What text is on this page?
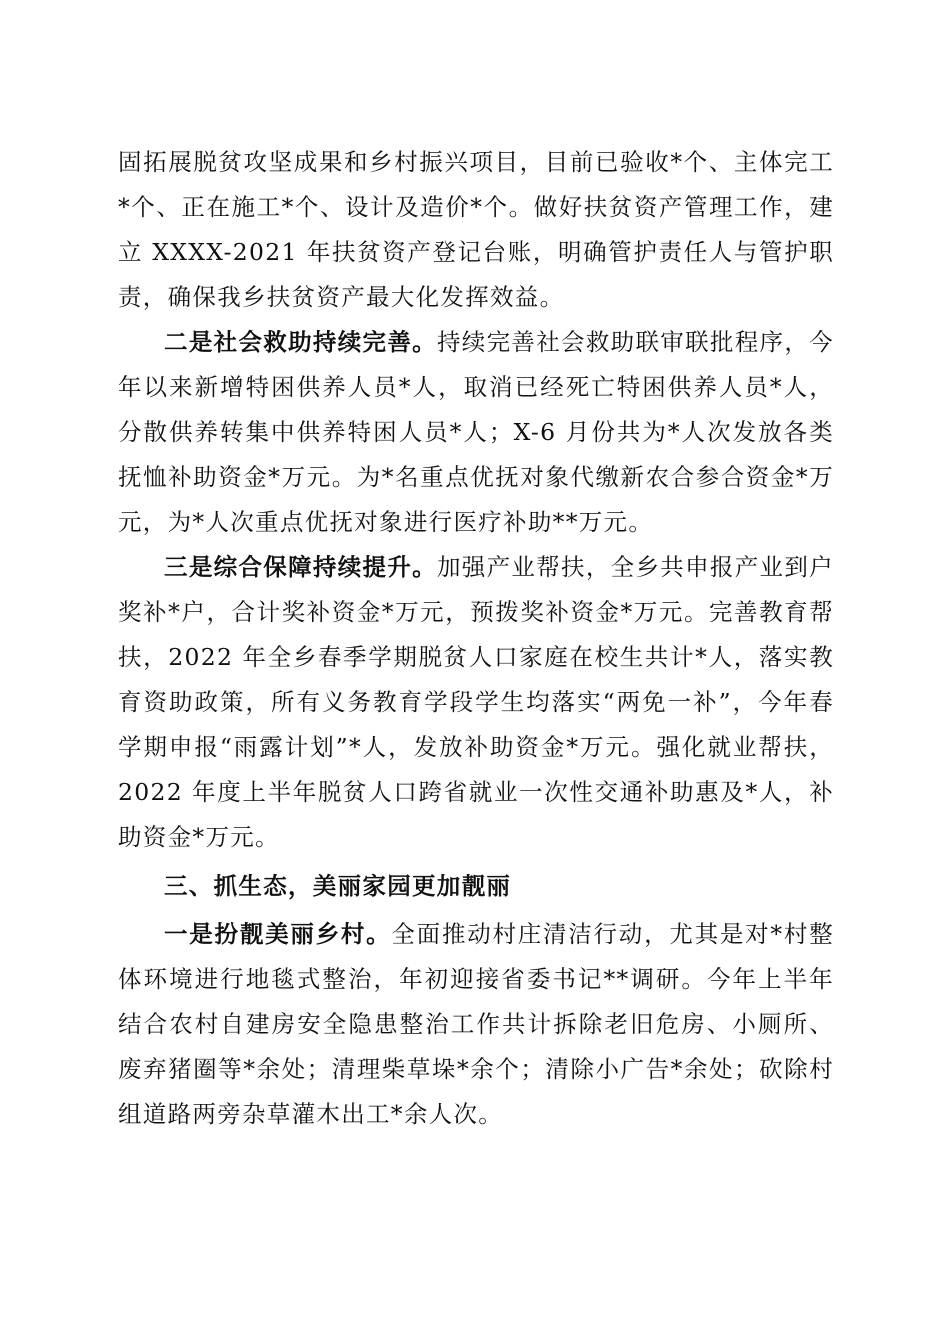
固拓展脱贫攻坚成果和乡村振兴项目，目前已验收*个、主体完工*个、正在施工*个、设计及造价*个。做好扶贫资产管理工作，建立 XXXX-2021 年扶贫资产登记台账，明确管护责任人与管护职责，确保我乡扶贫资产最大化发挥效益。

二是社会救助持续完善。持续完善社会救助联审联批程序，今年以来新增特困供养人员*人，取消已经死亡特困供养人员*人，分散供养转集中供养特困人员*人；X-6 月份共为*人次发放各类抚恤补助资金*万元。为*名重点优抚对象代缴新农合参合资金*万元，为*人次重点优抚对象进行医疗补助**万元。

三是综合保障持续提升。加强产业帮扶，全乡共申报产业到户奖补*户，合计奖补资金*万元，预拨奖补资金*万元。完善教育帮扶，2022 年全乡春季学期脱贫人口家庭在校生共计*人，落实教育资助政策，所有义务教育学段学生均落实“两免一补”，今年春学期申报“雨露计划”*人，发放补助资金*万元。强化就业帮扶，2022 年度上半年脱贫人口跨省就业一次性交通补助惠及*人，补助资金*万元。

三、抓生态，美丽家园更加靓丽

一是扮靓美丽乡村。全面推动村庄清洁行动，尤其是对*村整体环境进行地毯式整治，年初迎接省委书记**调研。今年上半年结合农村自建房安全隐患整治工作共计拆除老旧危房、小厕所、废弃猪圈等*余处；清理柴草垛*余个；清除小广告*余处；砍除村组道路两旁杂草灌木出工*余人次。
